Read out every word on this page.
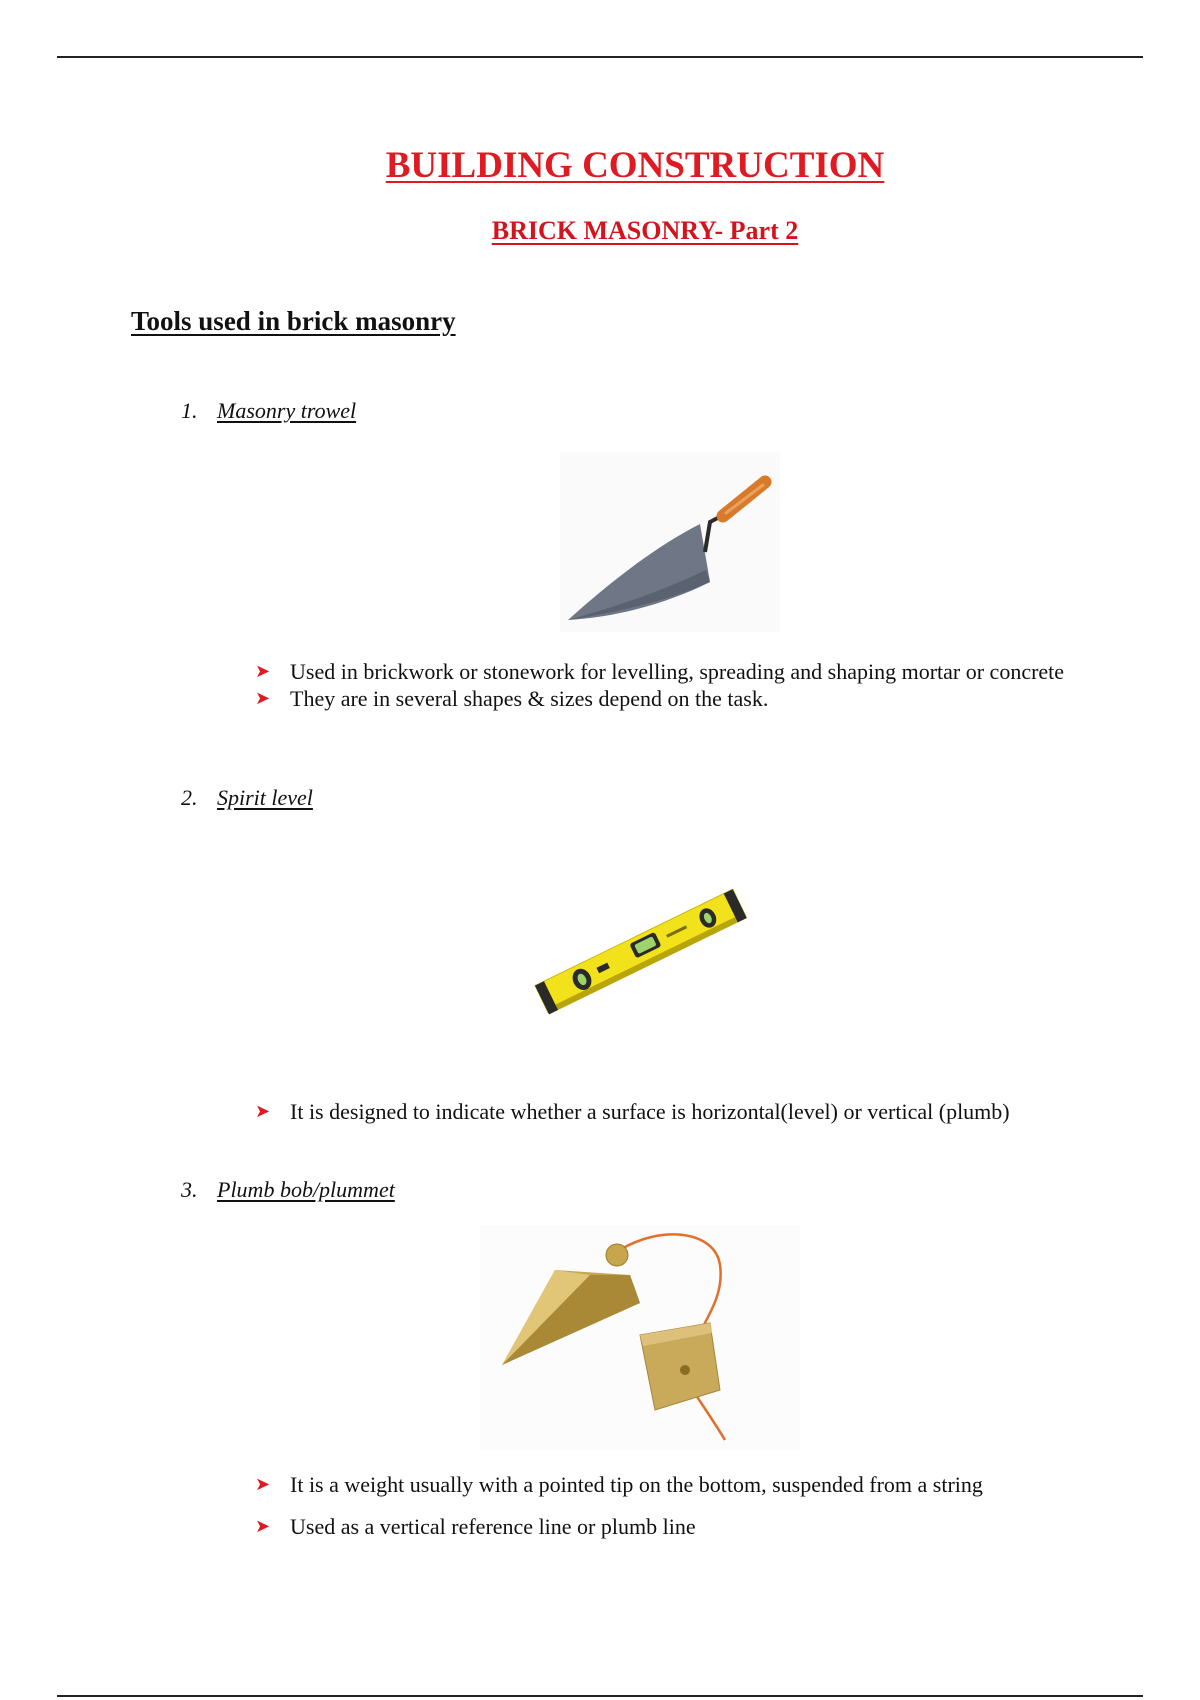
BUILDING CONSTRUCTION
BRICK MASONRY- Part 2
Tools used in brick masonry
1. Masonry trowel
➤ Used in brickwork or stonework for levelling, spreading and shaping mortar or concrete
➤ They are in several shapes & sizes depend on the task.
2. Spirit level
➤ It is designed to indicate whether a surface is horizontal(level) or vertical (plumb)
3. Plumb bob/plummet
➤ It is a weight usually with a pointed tip on the bottom, suspended from a string
➤ Used as a vertical reference line or plumb line
